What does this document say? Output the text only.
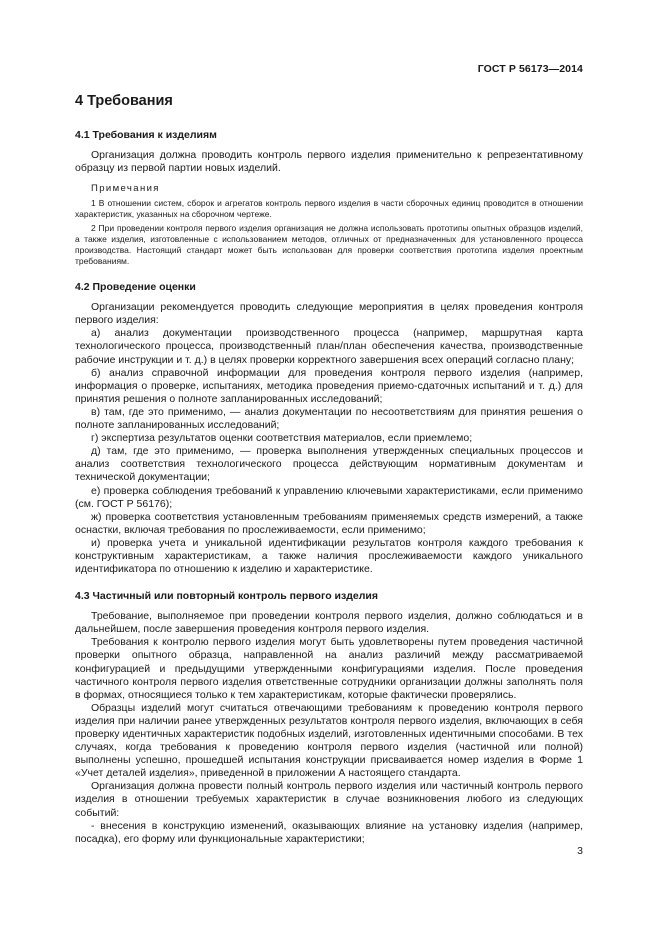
ГОСТ Р 56173—2014
4 Требования
4.1 Требования к изделиям

Организация должна проводить контроль первого изделия применительно к репрезентативному образцу из первой партии новых изделий.

Примечания
1 В отношении систем, сборок и агрегатов контроль первого изделия в части сборочных единиц проводится в отношении характеристик, указанных на сборочном чертеже.
2 При проведении контроля первого изделия организация не должна использовать прототипы опытных образцов изделий, а также изделия, изготовленные с использованием методов, отличных от предназначенных для установленного процесса производства. Настоящий стандарт может быть использован для проверки соответствия прототипа изделия проектным требованиям.
4.2 Проведение оценки

Организации рекомендуется проводить следующие мероприятия в целях проведения контроля первого изделия:

а) анализ документации производственного процесса (например, маршрутная карта технологического процесса, производственный план/план обеспечения качества, производственные рабочие инструкции и т. д.) в целях проверки корректного завершения всех операций согласно плану;

б) анализ справочной информации для проведения контроля первого изделия (например, информация о проверке, испытаниях, методика проведения приемо-сдаточных испытаний и т. д.) для принятия решения о полноте запланированных исследований;

в) там, где это применимо, — анализ документации по несоответствиям для принятия решения о полноте запланированных исследований;

г) экспертиза результатов оценки соответствия материалов, если приемлемо;

д) там, где это применимо, — проверка выполнения утвержденных специальных процессов и анализ соответствия технологического процесса действующим нормативным документам и технической документации;

е) проверка соблюдения требований к управлению ключевыми характеристиками, если применимо (см. ГОСТ Р 56176);

ж) проверка соответствия установленным требованиям применяемых средств измерений, а также оснастки, включая требования по прослеживаемости, если применимо;

и) проверка учета и уникальной идентификации результатов контроля каждого требования к конструктивным характеристикам, а также наличия прослеживаемости каждого уникального идентификатора по отношению к изделию и характеристике.

4.3 Частичный или повторный контроль первого изделия

Требование, выполняемое при проведении контроля первого изделия, должно соблюдаться и в дальнейшем, после завершения проведения контроля первого изделия.

Требования к контролю первого изделия могут быть удовлетворены путем проведения частичной проверки опытного образца, направленной на анализ различий между рассматриваемой конфигурацией и предыдущими утвержденными конфигурациями изделия. После проведения частичного контроля первого изделия ответственные сотрудники организации должны заполнять поля в формах, относящиеся только к тем характеристикам, которые фактически проверялись.

Образцы изделий могут считаться отвечающими требованиям к проведению контроля первого изделия при наличии ранее утвержденных результатов контроля первого изделия, включающих в себя проверку идентичных характеристик подобных изделий, изготовленных идентичными способами. В тех случаях, когда требования к проведению контроля первого изделия (частичной или полной) выполнены успешно, прошедшей испытания конструкции присваивается номер изделия в Форме 1 «Учет деталей изделия», приведенной в приложении А настоящего стандарта.

Организация должна провести полный контроль первого изделия или частичный контроль первого изделия в отношении требуемых характеристик в случае возникновения любого из следующих событий:

- внесения в конструкцию изменений, оказывающих влияние на установку изделия (например, посадка), его форму или функциональные характеристики;

3
